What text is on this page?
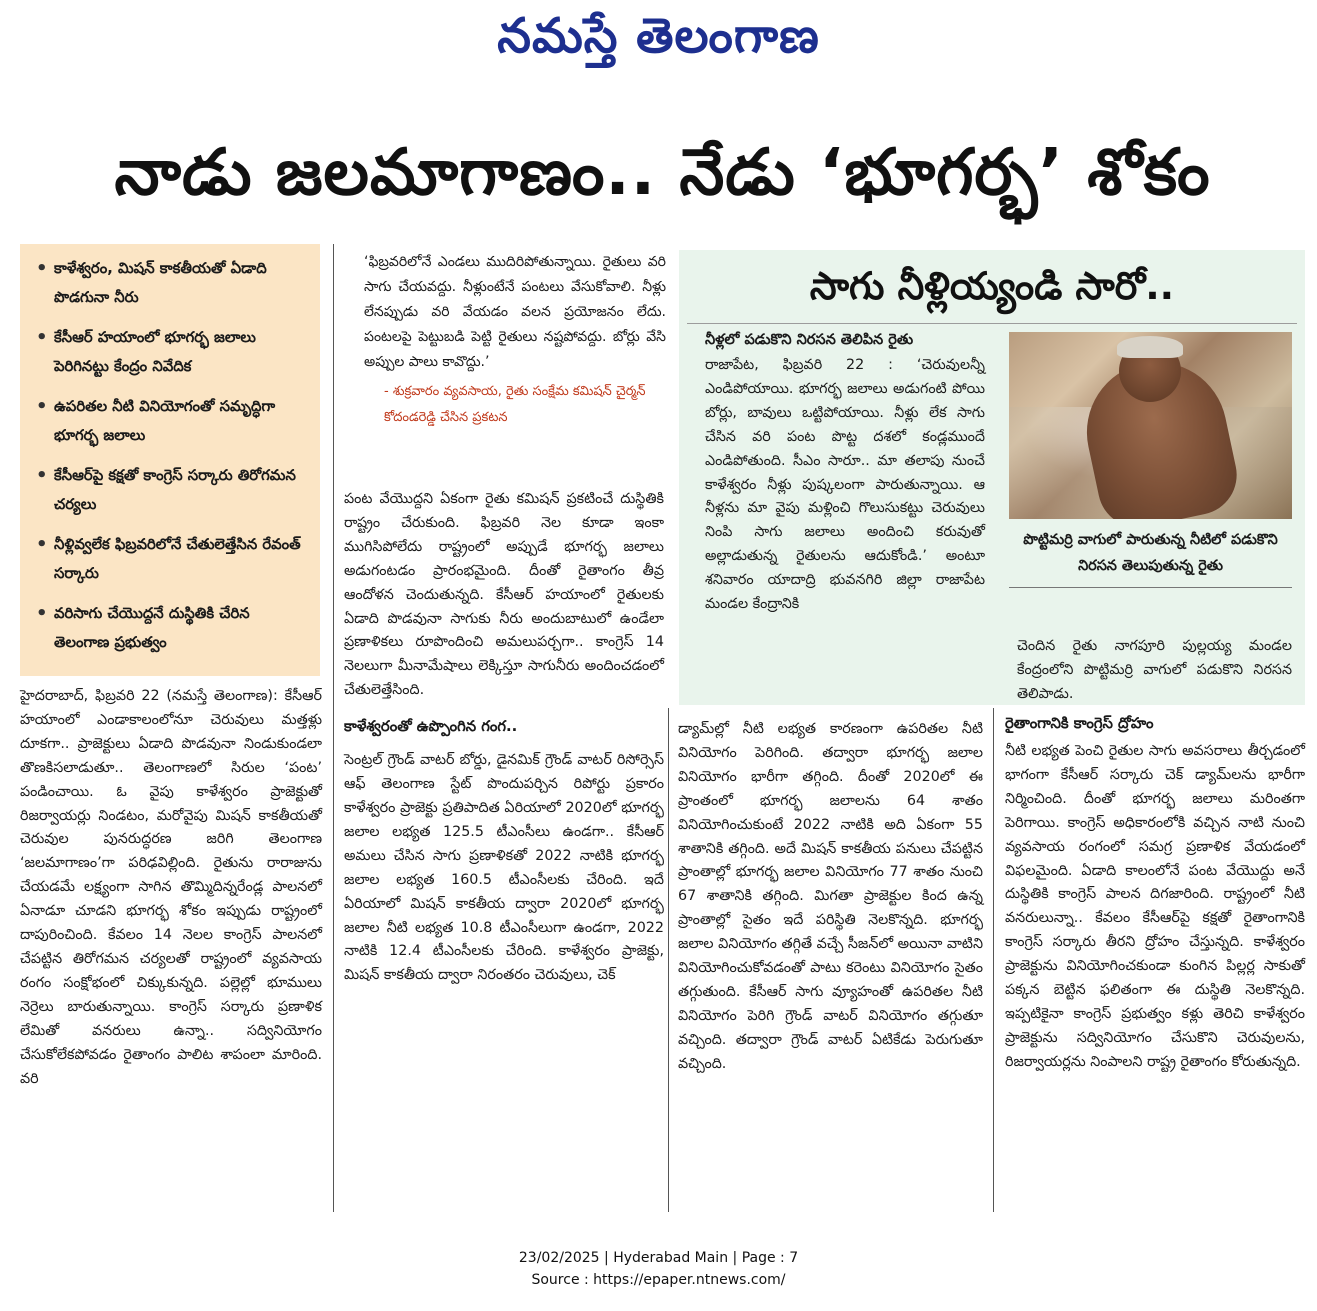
నమస్తే తెలంగాణ
నాడు జలమాగాణం.. నేడు ‘భూగర్భ’ శోకం
• కాళేశ్వరం, మిషన్ కాకతీయతో ఏడాది పొడగునా నీరు
• కేసీఆర్ హయాంలో భూగర్భ జలాలు పెరిగినట్టు కేంద్రం నివేదిక
• ఉపరితల నీటి వినియోగంతో సమృద్ధిగా భూగర్భ జలాలు
• కేసీఆర్‌పై కక్షతో కాంగ్రెస్ సర్కారు తిరోగమన చర్యలు
• నీళ్లివ్వలేక ఫిబ్రవరిలోనే చేతులెత్తేసిన రేవంత్ సర్కారు
• వరిసాగు చేయొద్దనే దుస్థితికి చేరిన తెలంగాణ ప్రభుత్వం

‘ఫిబ్రవరిలోనే ఎండలు ముదిరిపోతున్నాయి. రైతులు వరి సాగు చేయవద్దు. నీళ్లుంటేనే పంటలు వేసుకోవాలి. నీళ్లు లేనప్పుడు వరి వేయడం వలన ప్రయోజనం లేదు. పంటలపై పెట్టుబడి పెట్టి రైతులు నష్టపోవద్దు. బోర్లు వేసి అప్పుల పాలు కావొద్దు.’

- శుక్రవారం వ్యవసాయ, రైతు సంక్షేమ కమిషన్ చైర్మన్ కోదండరెడ్డి చేసిన ప్రకటన

సాగు నీళ్లియ్యండి సారో..
నీళ్లలో పడుకొని నిరసన తెలిపిన రైతు

రాజాపేట, ఫిబ్రవరి 22 : ‘చెరువులన్నీ ఎండిపోయాయి. భూగర్భ జలాలు అడుగంటి పోయి బోర్లు, బావులు ఒట్టిపోయాయి. నీళ్లు లేక సాగు చేసిన వరి పంట పొట్ట దశలో కండ్లముందే ఎండిపోతుంది. సీఎం సారూ.. మా తలాపు నుంచే కాళేశ్వరం నీళ్లు పుష్కలంగా పారుతున్నాయి. ఆ నీళ్లను మా వైపు మళ్లించి గొలుసుకట్టు చెరువులు నింపి సాగు జలాలు అందించి కరువుతో అల్లాడుతున్న రైతులను ఆదుకోండి.’ అంటూ శనివారం యాదాద్రి భువనగిరి జిల్లా రాజాపేట మండల కేంద్రానికి

పొట్టిమర్రి వాగులో పారుతున్న నీటిలో పడుకొని నిరసన తెలుపుతున్న రైతు

చెందిన రైతు నాగపూరి పుల్లయ్య మండల కేంద్రంలోని పొట్టిమర్రి వాగులో పడుకొని నిరసన తెలిపాడు.

హైదరాబాద్, ఫిబ్రవరి 22 (నమస్తే తెలంగాణ): కేసీఆర్ హయాంలో ఎండాకాలంలోనూ చెరువులు మత్తళ్లు దూకగా.. ప్రాజెక్టులు ఏడాది పొడవునా నిండుకుండలా తొణకిసలాడుతూ.. తెలంగాణలో సిరుల ‘పంట’ పండించాయి. ఓ వైపు కాళేశ్వరం ప్రాజెక్టుతో రిజర్వాయర్లు నిండటం, మరోవైపు మిషన్ కాకతీయతో చెరువుల పునరుద్ధరణ జరిగి తెలంగాణ ‘జలమాగాణం’గా పరిఢవిల్లింది. రైతును రారాజును చేయడమే లక్ష్యంగా సాగిన తొమ్మిదిన్నరేండ్ల పాలనలో ఏనాడూ చూడని భూగర్భ శోకం ఇప్పుడు రాష్ట్రంలో దాపురించింది. కేవలం 14 నెలల కాంగ్రెస్ పాలనలో చేపట్టిన తిరోగమన చర్యలతో రాష్ట్రంలో వ్యవసాయ రంగం సంక్షోభంలో చిక్కుకున్నది. పల్లెల్లో భూములు నెర్రెలు బారుతున్నాయి. కాంగ్రెస్ సర్కారు ప్రణాళిక లేమితో వనరులు ఉన్నా.. సద్వినియోగం చేసుకోలేకపోవడం రైతాంగం పాలిట శాపంలా మారింది. వరి

పంట వేయొద్దని ఏకంగా రైతు కమిషన్ ప్రకటించే దుస్థితికి రాష్ట్రం చేరుకుంది. ఫిబ్రవరి నెల కూడా ఇంకా ముగిసిపోలేదు రాష్ట్రంలో అప్పుడే భూగర్భ జలాలు అడుగంటడం ప్రారంభమైంది. దీంతో రైతాంగం తీవ్ర ఆందోళన చెందుతున్నది. కేసీఆర్ హయాంలో రైతులకు ఏడాది పొడవునా సాగుకు నీరు అందుబాటులో ఉండేలా ప్రణాళికలు రూపొందించి అమలుపర్చగా.. కాంగ్రెస్ 14 నెలలుగా మీనామేషాలు లెక్కిస్తూ సాగునీరు అందించడంలో చేతులెత్తేసింది.

కాళేశ్వరంతో ఉప్పొంగిన గంగ..

సెంట్రల్ గ్రౌండ్ వాటర్ బోర్డు, డైనమిక్ గ్రౌండ్ వాటర్ రిసోర్సెస్ ఆఫ్ తెలంగాణ స్టేట్ పొందుపర్చిన రిపోర్టు ప్రకారం కాళేశ్వరం ప్రాజెక్టు ప్రతిపాదిత ఏరియాలో 2020లో భూగర్భ జలాల లభ్యత 125.5 టీఎంసీలు ఉండగా.. కేసీఆర్ అమలు చేసిన సాగు ప్రణాళికతో 2022 నాటికి భూగర్భ జలాల లభ్యత 160.5 టీఎంసీలకు చేరింది. ఇదే ఏరియాలో మిషన్ కాకతీయ ద్వారా 2020లో భూగర్భ జలాల నీటి లభ్యత 10.8 టీఎంసీలుగా ఉండగా, 2022 నాటికి 12.4 టీఎంసీలకు చేరింది. కాళేశ్వరం ప్రాజెక్టు, మిషన్ కాకతీయ ద్వారా నిరంతరం చెరువులు, చెక్

డ్యామ్‌ల్లో నీటి లభ్యత కారణంగా ఉపరితల నీటి వినియోగం పెరిగింది. తద్వారా భూగర్భ జలాల వినియోగం భారీగా తగ్గింది. దీంతో 2020లో ఈ ప్రాంతంలో భూగర్భ జలాలను 64 శాతం వినియోగించుకుంటే 2022 నాటికి అది ఏకంగా 55 శాతానికి తగ్గింది. అదే మిషన్ కాకతీయ పనులు చేపట్టిన ప్రాంతాల్లో భూగర్భ జలాల వినియోగం 77 శాతం నుంచి 67 శాతానికి తగ్గింది. మిగతా ప్రాజెక్టుల కింద ఉన్న ప్రాంతాల్లో సైతం ఇదే పరిస్థితి నెలకొన్నది. భూగర్భ జలాల వినియోగం తగ్గితే వచ్చే సీజన్‌లో అయినా వాటిని వినియోగించుకోవడంతో పాటు కరెంటు వినియోగం సైతం తగ్గుతుంది. కేసీఆర్ సాగు వ్యూహంతో ఉపరితల నీటి వినియోగం పెరిగి గ్రౌండ్ వాటర్ వినియోగం తగ్గుతూ వచ్చింది. తద్వారా గ్రౌండ్ వాటర్ ఏటికేడు పెరుగుతూ వచ్చింది.

రైతాంగానికి కాంగ్రెస్ ద్రోహం

నీటి లభ్యత పెంచి రైతుల సాగు అవసరాలు తీర్చడంలో భాగంగా కేసీఆర్ సర్కారు చెక్ డ్యామ్‌లను భారీగా నిర్మించింది. దీంతో భూగర్భ జలాలు మరింతగా పెరిగాయి. కాంగ్రెస్ అధికారంలోకి వచ్చిన నాటి నుంచి వ్యవసాయ రంగంలో సమగ్ర ప్రణాళిక వేయడంలో విఫలమైంది. ఏడాది కాలంలోనే పంట వేయొద్దు అనే దుస్థితికి కాంగ్రెస్ పాలన దిగజారింది. రాష్ట్రంలో నీటి వనరులున్నా.. కేవలం కేసీఆర్‌పై కక్షతో రైతాంగానికి కాంగ్రెస్ సర్కారు తీరని ద్రోహం చేస్తున్నది. కాళేశ్వరం ప్రాజెక్టును వినియోగించకుండా కుంగిన పిల్లర్ల సాకుతో పక్కన బెట్టిన ఫలితంగా ఈ దుస్థితి నెలకొన్నది. ఇప్పటికైనా కాంగ్రెస్ ప్రభుత్వం కళ్లు తెరిచి కాళేశ్వరం ప్రాజెక్టును సద్వినియోగం చేసుకొని చెరువులను, రిజర్వాయర్లను నింపాలని రాష్ట్ర రైతాంగం కోరుతున్నది.

23/02/2025 | Hyderabad Main | Page : 7
Source : https://epaper.ntnews.com/
